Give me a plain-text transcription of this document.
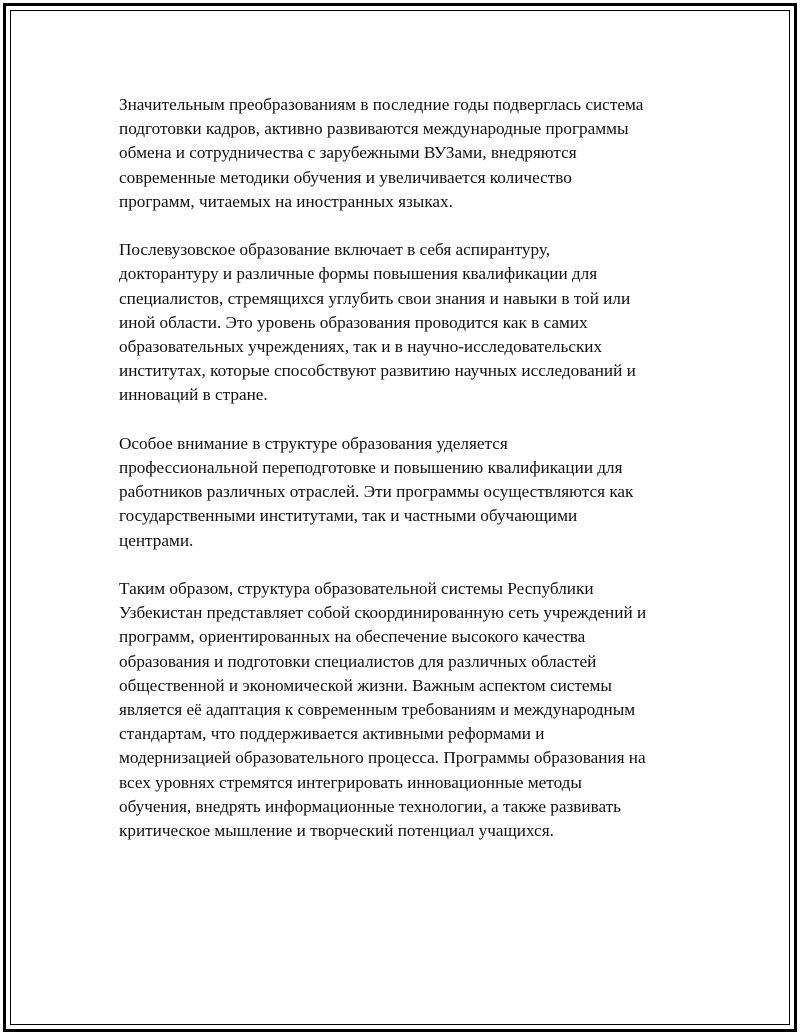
Значительным преобразованиям в последние годы подверглась система
подготовки кадров, активно развиваются международные программы
обмена и сотрудничества с зарубежными ВУЗами, внедряются
современные методики обучения и увеличивается количество
программ, читаемых на иностранных языках.

Послевузовское образование включает в себя аспирантуру,
докторантуру и различные формы повышения квалификации для
специалистов, стремящихся углубить свои знания и навыки в той или
иной области. Это уровень образования проводится как в самих
образовательных учреждениях, так и в научно-исследовательских
институтах, которые способствуют развитию научных исследований и
инноваций в стране.

Особое внимание в структуре образования уделяется
профессиональной переподготовке и повышению квалификации для
работников различных отраслей. Эти программы осуществляются как
государственными институтами, так и частными обучающими
центрами.

Таким образом, структура образовательной системы Республики
Узбекистан представляет собой скоординированную сеть учреждений и
программ, ориентированных на обеспечение высокого качества
образования и подготовки специалистов для различных областей
общественной и экономической жизни. Важным аспектом системы
является её адаптация к современным требованиям и международным
стандартам, что поддерживается активными реформами и
модернизацией образовательного процесса. Программы образования на
всех уровнях стремятся интегрировать инновационные методы
обучения, внедрять информационные технологии, а также развивать
критическое мышление и творческий потенциал учащихся.
